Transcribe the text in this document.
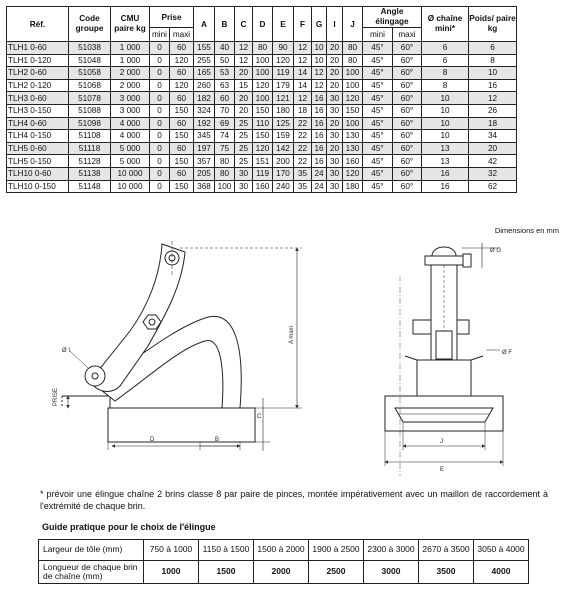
Réf.	Code groupe	CMU paire kg	Prise		A	B	C	D	E	F	G	I	J	Angle élingage		Ø chaîne mini*	Poids/ paire kg
			mini	maxi										mini	maxi		
TLH1 0-60	51038	1 000	0	60	155	40	12	80	90	12	10	20	80	45°	60°	6	6
TLH1 0-120	51048	1 000	0	120	255	50	12	100	120	12	10	20	80	45°	60°	6	8
TLH2 0-60	51058	2 000	0	60	165	53	20	100	119	14	12	20	100	45°	60°	8	10
TLH2 0-120	51068	2 000	0	120	260	63	15	120	179	14	12	20	100	45°	60°	8	16
TLH3 0-60	51078	3 000	0	60	182	60	20	100	121	12	16	30	120	45°	60°	10	12
TLH3 0-150	51088	3 000	0	150	324	70	20	150	180	18	16	30	150	45°	60°	10	26
TLH4 0-60	51098	4 000	0	60	192	69	25	110	125	22	16	20	100	45°	60°	10	18
TLH4 0-150	51108	4 000	0	150	345	74	25	150	159	22	16	30	130	45°	60°	10	34
TLH5 0-60	51118	5 000	0	60	197	75	25	120	142	22	16	20	130	45°	60°	13	20
TLH5 0-150	51128	5 000	0	150	357	80	25	151	200	22	16	30	160	45°	60°	13	42
TLH10 0-60	51138	10 000	0	60	205	80	30	119	170	35	24	30	120	45°	60°	16	32
TLH10 0-150	51148	10 000	0	150	368	100	30	160	240	35	24	30	180	45°	60°	16	62
Dimensions en mm
Ø I
PRISE
A maxi
C
D	B
Ø G
Ø F
J
E
* prévoir une élingue chaîne 2 brins classe 8 par paire de pinces, montée impérativement avec un maillon de raccordement à l'extrémité de chaque brin.
Guide pratique pour le choix de l'élingue
Largeur de tôle (mm)	750 à 1000	1150 à 1500	1500 à 2000	1900 à 2500	2300 à 3000	2670 à 3500	3050 à 4000
Longueur de chaque brin de chaîne (mm)	1000	1500	2000	2500	3000	3500	4000
